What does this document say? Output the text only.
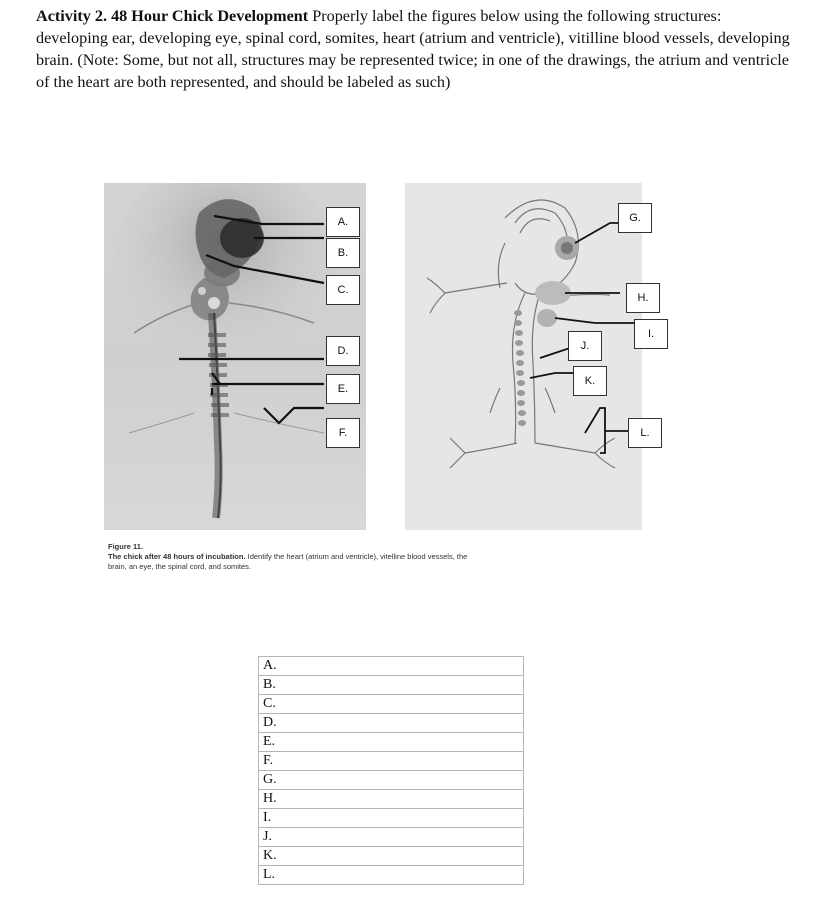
Activity 2. 48 Hour Chick Development Properly label the figures below using the following structures: developing ear, developing eye, spinal cord, somites, heart (atrium and ventricle), vitilline blood vessels, developing brain. (Note: Some, but not all, structures may be represented twice; in one of the drawings, the atrium and ventricle of the heart are both represented, and should be labeled as such)

A.
B.
C.
D.
E.
F.
G.
H.
I.
J.
K.
L.
Figure 11.
The chick after 48 hours of incubation. Identify the heart (atrium and ventricle), vitelline blood vessels, the brain, an eye, the spinal cord, and somites.
A.
B.
C.
D.
E.
F.
G.
H.
I.
J.
K.
L.
